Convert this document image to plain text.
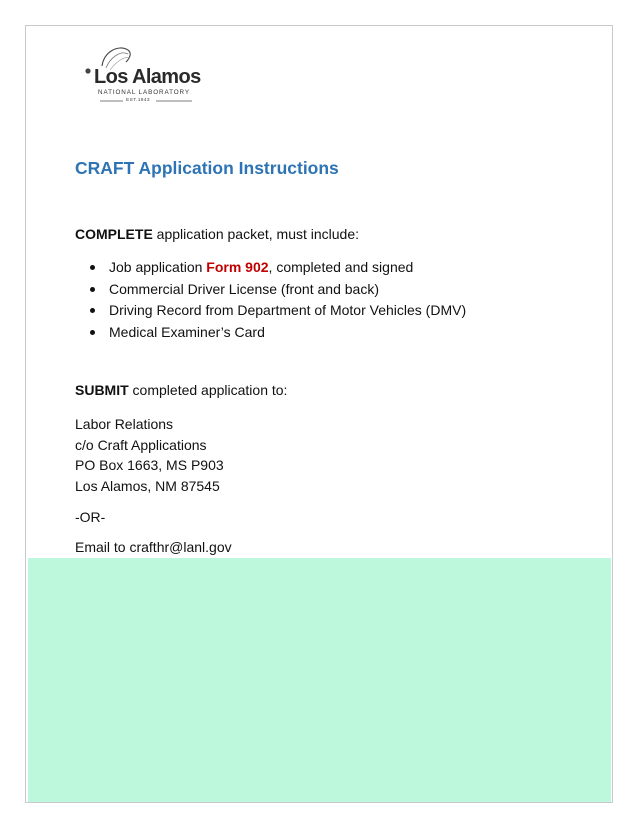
Los Alamos
NATIONAL LABORATORY
EST.1943
CRAFT Application Instructions

COMPLETE application packet, must include:

Job application Form 902, completed and signed
Commercial Driver License (front and back)
Driving Record from Department of Motor Vehicles (DMV)
Medical Examiner’s Card

SUBMIT completed application to:

Labor Relations
c/o Craft Applications
PO Box 1663, MS P903
Los Alamos, NM 87545
-OR-
Email to crafthr@lanl.gov
